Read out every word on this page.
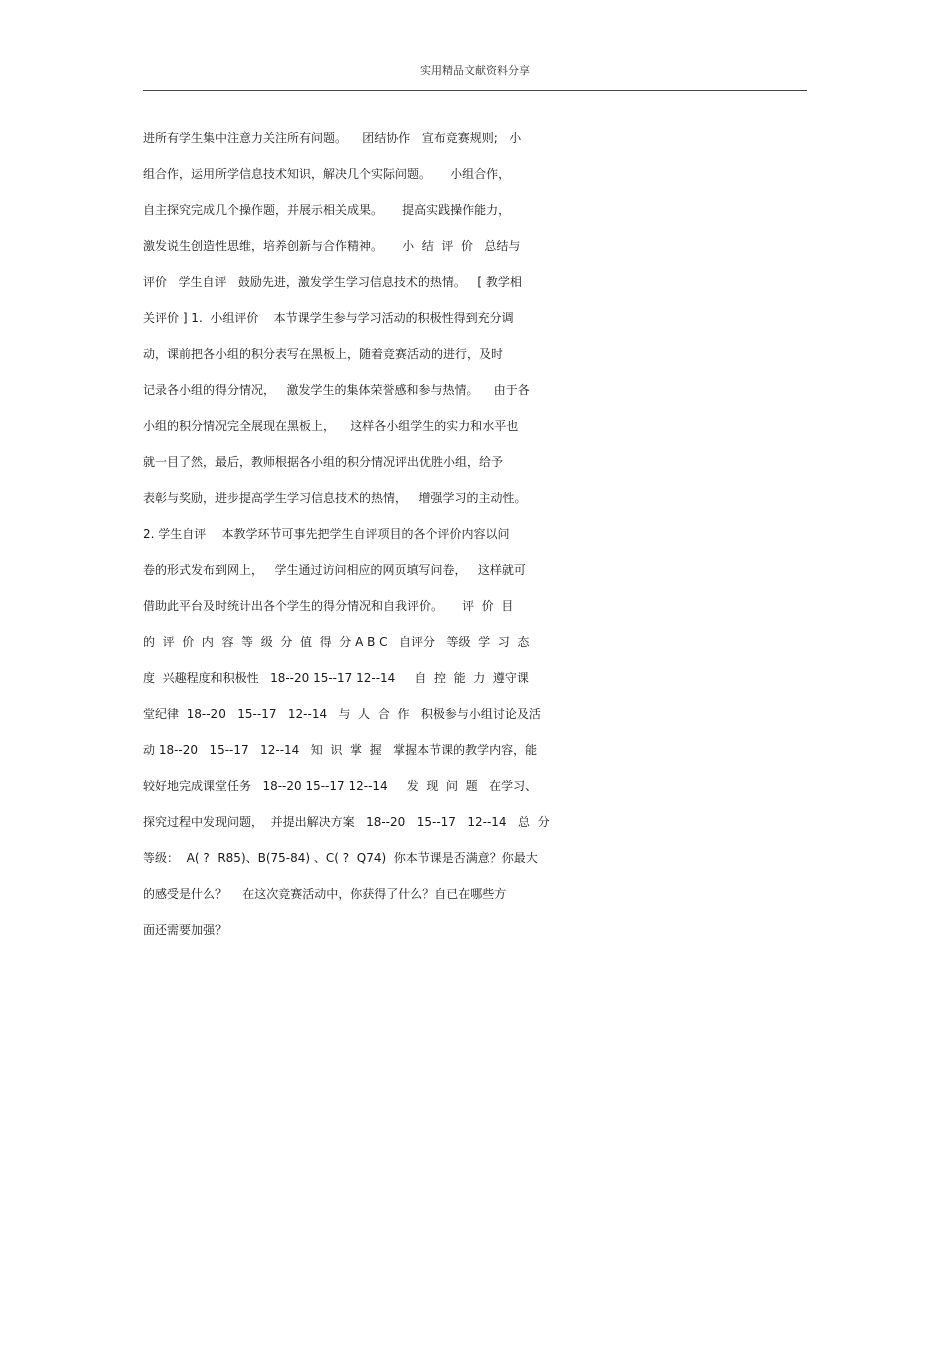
实用精品文献资料分享
进所有学生集中注意力关注所有问题。    团结协作   宣布竞赛规则;   小
组合作，运用所学信息技术知识，解决几个实际问题。     小组合作，
自主探究完成几个操作题，并展示相关成果。     提高实践操作能力，
激发说生创造性思维，培养创新与合作精神。     小  结  评  价   总结与
评价   学生自评   鼓励先进，激发学生学习信息技术的热情。   [ 教学相
关评价 ] 1.  小组评价    本节课学生参与学习活动的积极性得到充分调
动，课前把各小组的积分表写在黑板上，随着竞赛活动的进行，及时
记录各小组的得分情况，   激发学生的集体荣誉感和参与热情。    由于各
小组的积分情况完全展现在黑板上，    这样各小组学生的实力和水平也
就一目了然，最后，教师根据各小组的积分情况评出优胜小组，给予
表彰与奖励，进步提高学生学习信息技术的热情，   增强学习的主动性。
2. 学生自评    本教学环节可事先把学生自评项目的各个评价内容以问
卷的形式发布到网上，   学生通过访问相应的网页填写问卷，   这样就可
借助此平台及时统计出各个学生的得分情况和自我评价。     评  价  目
的  评  价  内  容  等  级  分  值  得  分 A B C   自评分   等级  学  习  态
度  兴趣程度和积极性   18--20 15--17 12--14     自  控  能  力  遵守课
堂纪律  18--20   15--17   12--14   与  人  合  作   积极参与小组讨论及活
动 18--20   15--17   12--14   知  识  掌  握   掌握本节课的教学内容，能
较好地完成课堂任务   18--20 15--17 12--14     发  现  问  题   在学习、
探究过程中发现问题，  并提出解决方案   18--20   15--17   12--14   总  分
等级：  A( ?  R85)、B(75-84) 、C( ?  Q74)  你本节课是否满意？你最大
的感受是什么？    在这次竞赛活动中，你获得了什么？自已在哪些方
面还需要加强？
